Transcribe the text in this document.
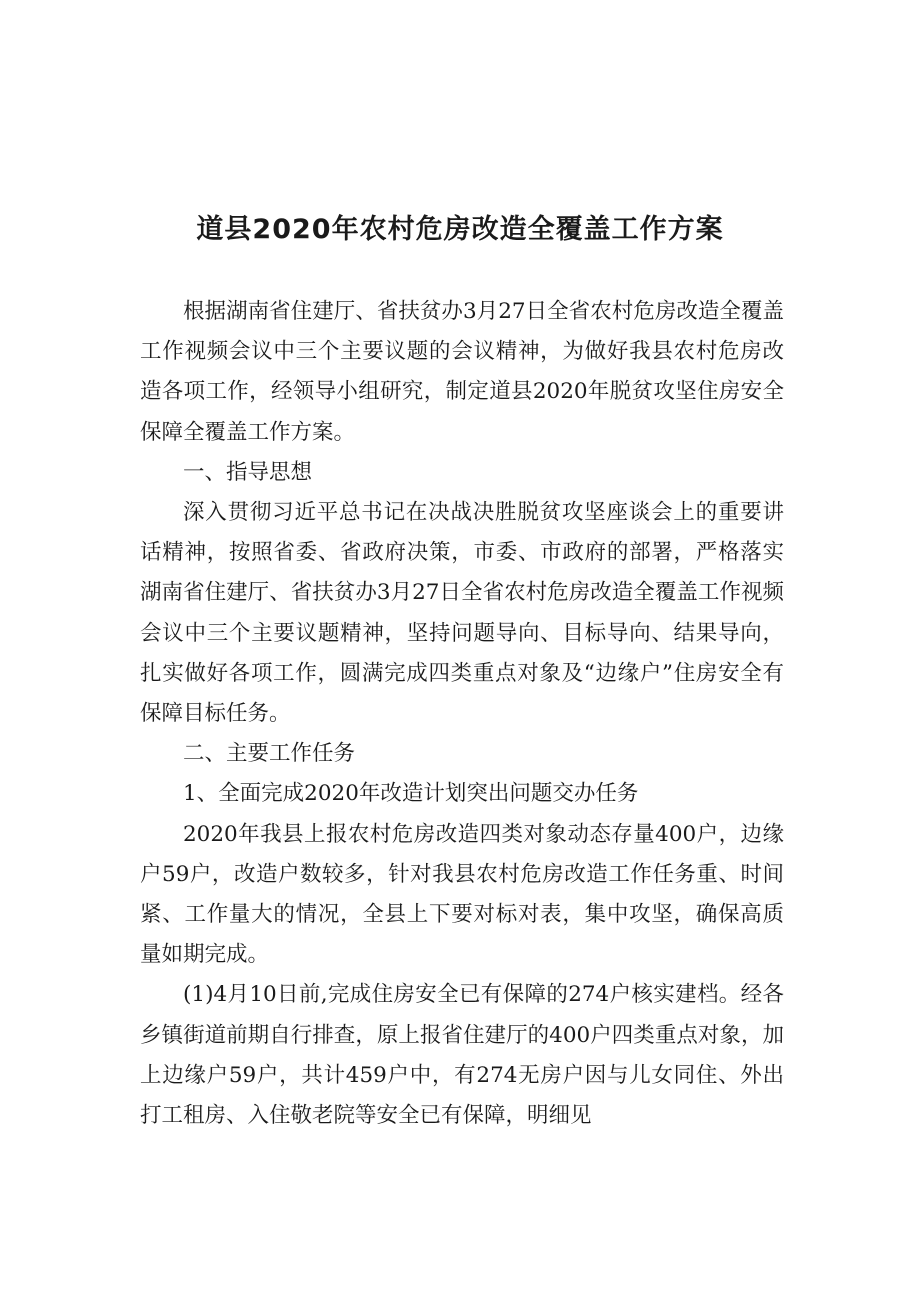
道县2020年农村危房改造全覆盖工作方案

根据湖南省住建厅、省扶贫办3月27日全省农村危房改造全覆盖工作视频会议中三个主要议题的会议精神，为做好我县农村危房改造各项工作，经领导小组研究，制定道县2020年脱贫攻坚住房安全保障全覆盖工作方案。

一、指导思想

深入贯彻习近平总书记在决战决胜脱贫攻坚座谈会上的重要讲话精神，按照省委、省政府决策，市委、市政府的部署，严格落实湖南省住建厅、省扶贫办3月27日全省农村危房改造全覆盖工作视频会议中三个主要议题精神，坚持问题导向、目标导向、结果导向，扎实做好各项工作，圆满完成四类重点对象及“边缘户”住房安全有保障目标任务。

二、主要工作任务

1、全面完成2020年改造计划突出问题交办任务

2020年我县上报农村危房改造四类对象动态存量400户，边缘户59户，改造户数较多，针对我县农村危房改造工作任务重、时间紧、工作量大的情况，全县上下要对标对表，集中攻坚，确保高质量如期完成。

(1)4月10日前,完成住房安全已有保障的274户核实建档。经各乡镇街道前期自行排查，原上报省住建厅的400户四类重点对象，加上边缘户59户，共计459户中，有274无房户因与儿女同住、外出打工租房、入住敬老院等安全已有保障，明细见
